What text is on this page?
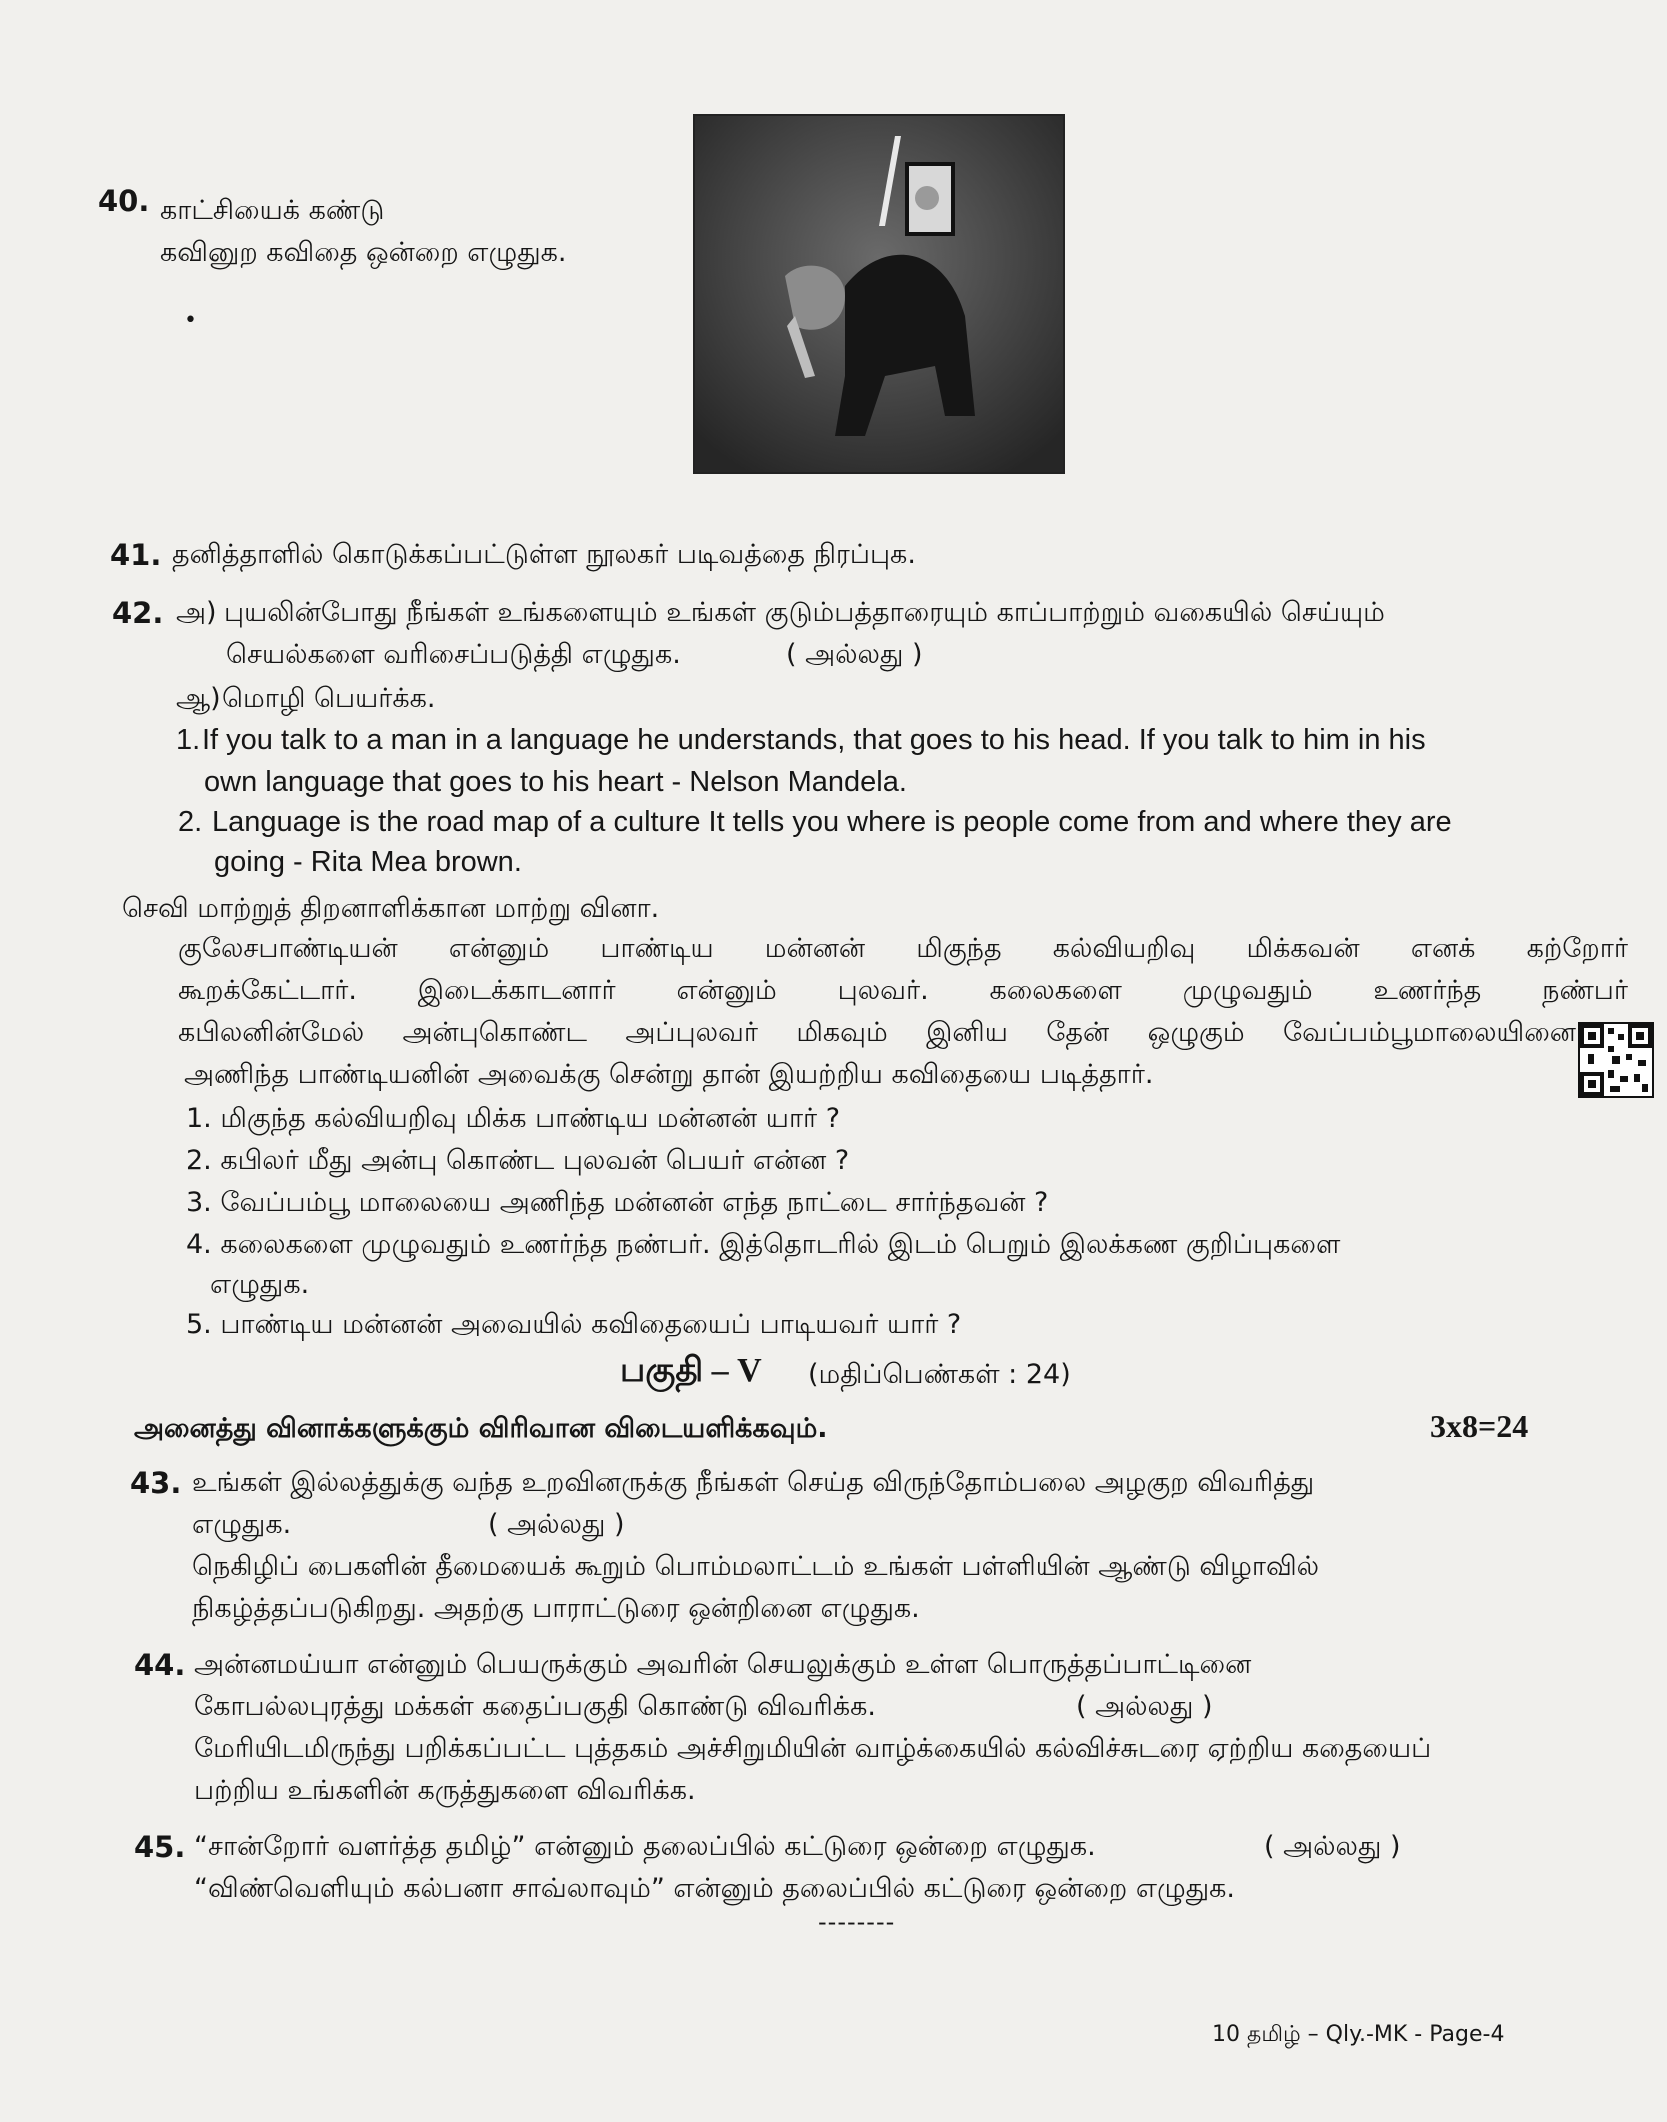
40. காட்சியைக் கண்டு
கவினுற கவிதை ஒன்றை எழுதுக.
•
41. தனித்தாளில் கொடுக்கப்பட்டுள்ள நூலகர் படிவத்தை நிரப்புக.
42. அ) புயலின்போது நீங்கள் உங்களையும் உங்கள் குடும்பத்தாரையும் காப்பாற்றும் வகையில் செய்யும்
செயல்களை வரிசைப்படுத்தி எழுதுக.	( அல்லது )
ஆ) மொழி பெயர்க்க.
1. If you talk to a man in a language he understands, that goes to his head. If you talk to him in his
own language that goes to his heart - Nelson Mandela.
2. Language is the road map of a culture It tells you where is people come from and where they are
going - Rita Mea brown.
செவி மாற்றுத் திறனாளிக்கான மாற்று வினா.
குலேசபாண்டியன் என்னும் பாண்டிய மன்னன் மிகுந்த கல்வியறிவு மிக்கவன் எனக் கற்றோர்
கூறக்கேட்டார். இடைக்காடனார் என்னும் புலவர். கலைகளை முழுவதும் உணர்ந்த நண்பர்
கபிலனின்மேல் அன்புகொண்ட அப்புலவர் மிகவும் இனிய தேன் ஒழுகும் வேப்பம்பூமாலையினை
அணிந்த பாண்டியனின் அவைக்கு சென்று தான் இயற்றிய கவிதையை படித்தார்.
1. மிகுந்த கல்வியறிவு மிக்க பாண்டிய மன்னன் யார் ?
2. கபிலர் மீது அன்பு கொண்ட புலவன் பெயர் என்ன ?
3. வேப்பம்பூ மாலையை அணிந்த மன்னன் எந்த நாட்டை சார்ந்தவன் ?
4. கலைகளை முழுவதும் உணர்ந்த நண்பர். இத்தொடரில் இடம் பெறும் இலக்கண குறிப்புகளை
எழுதுக.
5. பாண்டிய மன்னன் அவையில் கவிதையைப் பாடியவர் யார் ?
பகுதி – V (மதிப்பெண்கள் : 24)
அனைத்து வினாக்களுக்கும் விரிவான விடையளிக்கவும்.	3x8=24
43. உங்கள் இல்லத்துக்கு வந்த உறவினருக்கு நீங்கள் செய்த விருந்தோம்பலை அழகுற விவரித்து
எழுதுக.	( அல்லது )
நெகிழிப் பைகளின் தீமையைக் கூறும் பொம்மலாட்டம் உங்கள் பள்ளியின் ஆண்டு விழாவில்
நிகழ்த்தப்படுகிறது. அதற்கு பாராட்டுரை ஒன்றினை எழுதுக.
44. அன்னமய்யா என்னும் பெயருக்கும் அவரின் செயலுக்கும் உள்ள பொருத்தப்பாட்டினை
கோபல்லபுரத்து மக்கள் கதைப்பகுதி கொண்டு விவரிக்க.	( அல்லது )
மேரியிடமிருந்து பறிக்கப்பட்ட புத்தகம் அச்சிறுமியின் வாழ்க்கையில் கல்விச்சுடரை ஏற்றிய கதையைப்
பற்றிய உங்களின் கருத்துகளை விவரிக்க.
45. “சான்றோர் வளர்த்த தமிழ்” என்னும் தலைப்பில் கட்டுரை ஒன்றை எழுதுக.	( அல்லது )
“விண்வெளியும் கல்பனா சாவ்லாவும்” என்னும் தலைப்பில் கட்டுரை ஒன்றை எழுதுக.
--------
10 தமிழ் – Qly.-MK - Page-4
